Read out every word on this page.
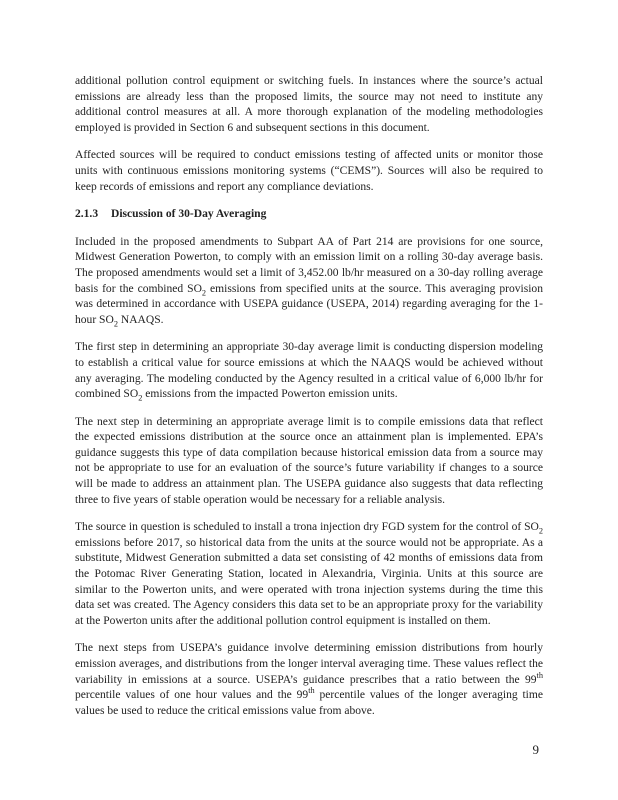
additional pollution control equipment or switching fuels. In instances where the source’s actual emissions are already less than the proposed limits, the source may not need to institute any additional control measures at all. A more thorough explanation of the modeling methodologies employed is provided in Section 6 and subsequent sections in this document.

Affected sources will be required to conduct emissions testing of affected units or monitor those units with continuous emissions monitoring systems (“CEMS”). Sources will also be required to keep records of emissions and report any compliance deviations.

2.1.3 Discussion of 30-Day Averaging

Included in the proposed amendments to Subpart AA of Part 214 are provisions for one source, Midwest Generation Powerton, to comply with an emission limit on a rolling 30-day average basis. The proposed amendments would set a limit of 3,452.00 lb/hr measured on a 30-day rolling average basis for the combined $SO_2$ emissions from specified units at the source. This averaging provision was determined in accordance with USEPA guidance (USEPA, 2014) regarding averaging for the 1-hour $SO_2$ NAAQS.

The first step in determining an appropriate 30-day average limit is conducting dispersion modeling to establish a critical value for source emissions at which the NAAQS would be achieved without any averaging. The modeling conducted by the Agency resulted in a critical value of 6,000 lb/hr for combined $SO_2$ emissions from the impacted Powerton emission units.

The next step in determining an appropriate average limit is to compile emissions data that reflect the expected emissions distribution at the source once an attainment plan is implemented. EPA’s guidance suggests this type of data compilation because historical emission data from a source may not be appropriate to use for an evaluation of the source’s future variability if changes to a source will be made to address an attainment plan. The USEPA guidance also suggests that data reflecting three to five years of stable operation would be necessary for a reliable analysis.

The source in question is scheduled to install a trona injection dry FGD system for the control of $SO_2$ emissions before 2017, so historical data from the units at the source would not be appropriate. As a substitute, Midwest Generation submitted a data set consisting of 42 months of emissions data from the Potomac River Generating Station, located in Alexandria, Virginia. Units at this source are similar to the Powerton units, and were operated with trona injection systems during the time this data set was created. The Agency considers this data set to be an appropriate proxy for the variability at the Powerton units after the additional pollution control equipment is installed on them.

The next steps from USEPA’s guidance involve determining emission distributions from hourly emission averages, and distributions from the longer interval averaging time. These values reflect the variability in emissions at a source. USEPA’s guidance prescribes that a ratio between the 99th percentile values of one hour values and the 99th percentile values of the longer averaging time values be used to reduce the critical emissions value from above.

9
